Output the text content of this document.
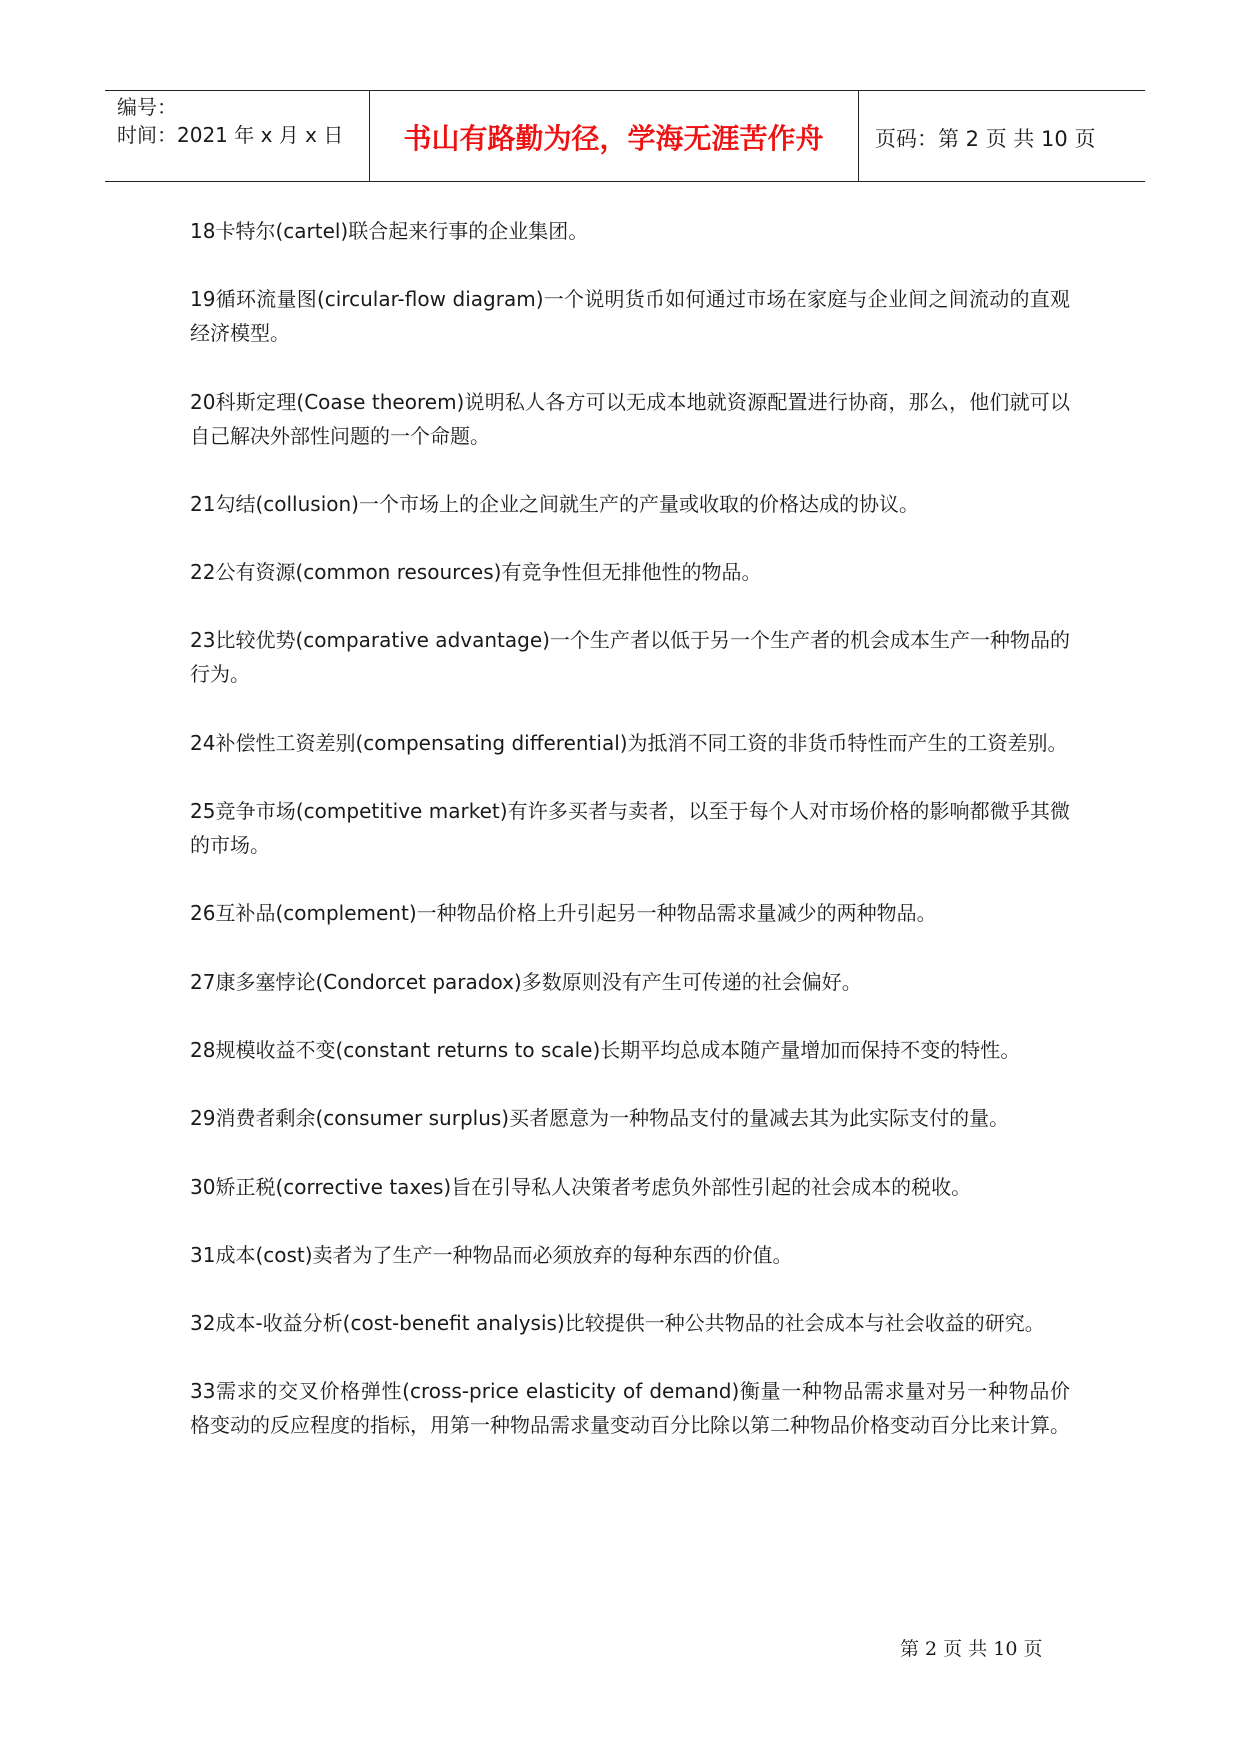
编号：
时间：2021 年 x 月 x 日	书山有路勤为径，学海无涯苦作舟	页码：第 2 页 共 10 页

18卡特尔(cartel)联合起来行事的企业集团。

19循环流量图(circular-flow diagram)一个说明货币如何通过市场在家庭与企业间之间流动的直观经济模型。

20科斯定理(Coase theorem)说明私人各方可以无成本地就资源配置进行协商，那么，他们就可以自己解决外部性问题的一个命题。

21勾结(collusion)一个市场上的企业之间就生产的产量或收取的价格达成的协议。

22公有资源(common resources)有竞争性但无排他性的物品。

23比较优势(comparative advantage)一个生产者以低于另一个生产者的机会成本生产一种物品的行为。

24补偿性工资差别(compensating differential)为抵消不同工资的非货币特性而产生的工资差别。

25竞争市场(competitive market)有许多买者与卖者，以至于每个人对市场价格的影响都微乎其微的市场。

26互补品(complement)一种物品价格上升引起另一种物品需求量减少的两种物品。

27康多塞悖论(Condorcet paradox)多数原则没有产生可传递的社会偏好。

28规模收益不变(constant returns to scale)长期平均总成本随产量增加而保持不变的特性。

29消费者剩余(consumer surplus)买者愿意为一种物品支付的量减去其为此实际支付的量。

30矫正税(corrective taxes)旨在引导私人决策者考虑负外部性引起的社会成本的税收。

31成本(cost)卖者为了生产一种物品而必须放弃的每种东西的价值。

32成本-收益分析(cost-benefit analysis)比较提供一种公共物品的社会成本与社会收益的研究。

33需求的交叉价格弹性(cross-price elasticity of demand)衡量一种物品需求量对另一种物品价格变动的反应程度的指标，用第一种物品需求量变动百分比除以第二种物品价格变动百分比来计算。

第 2 页 共 10 页
